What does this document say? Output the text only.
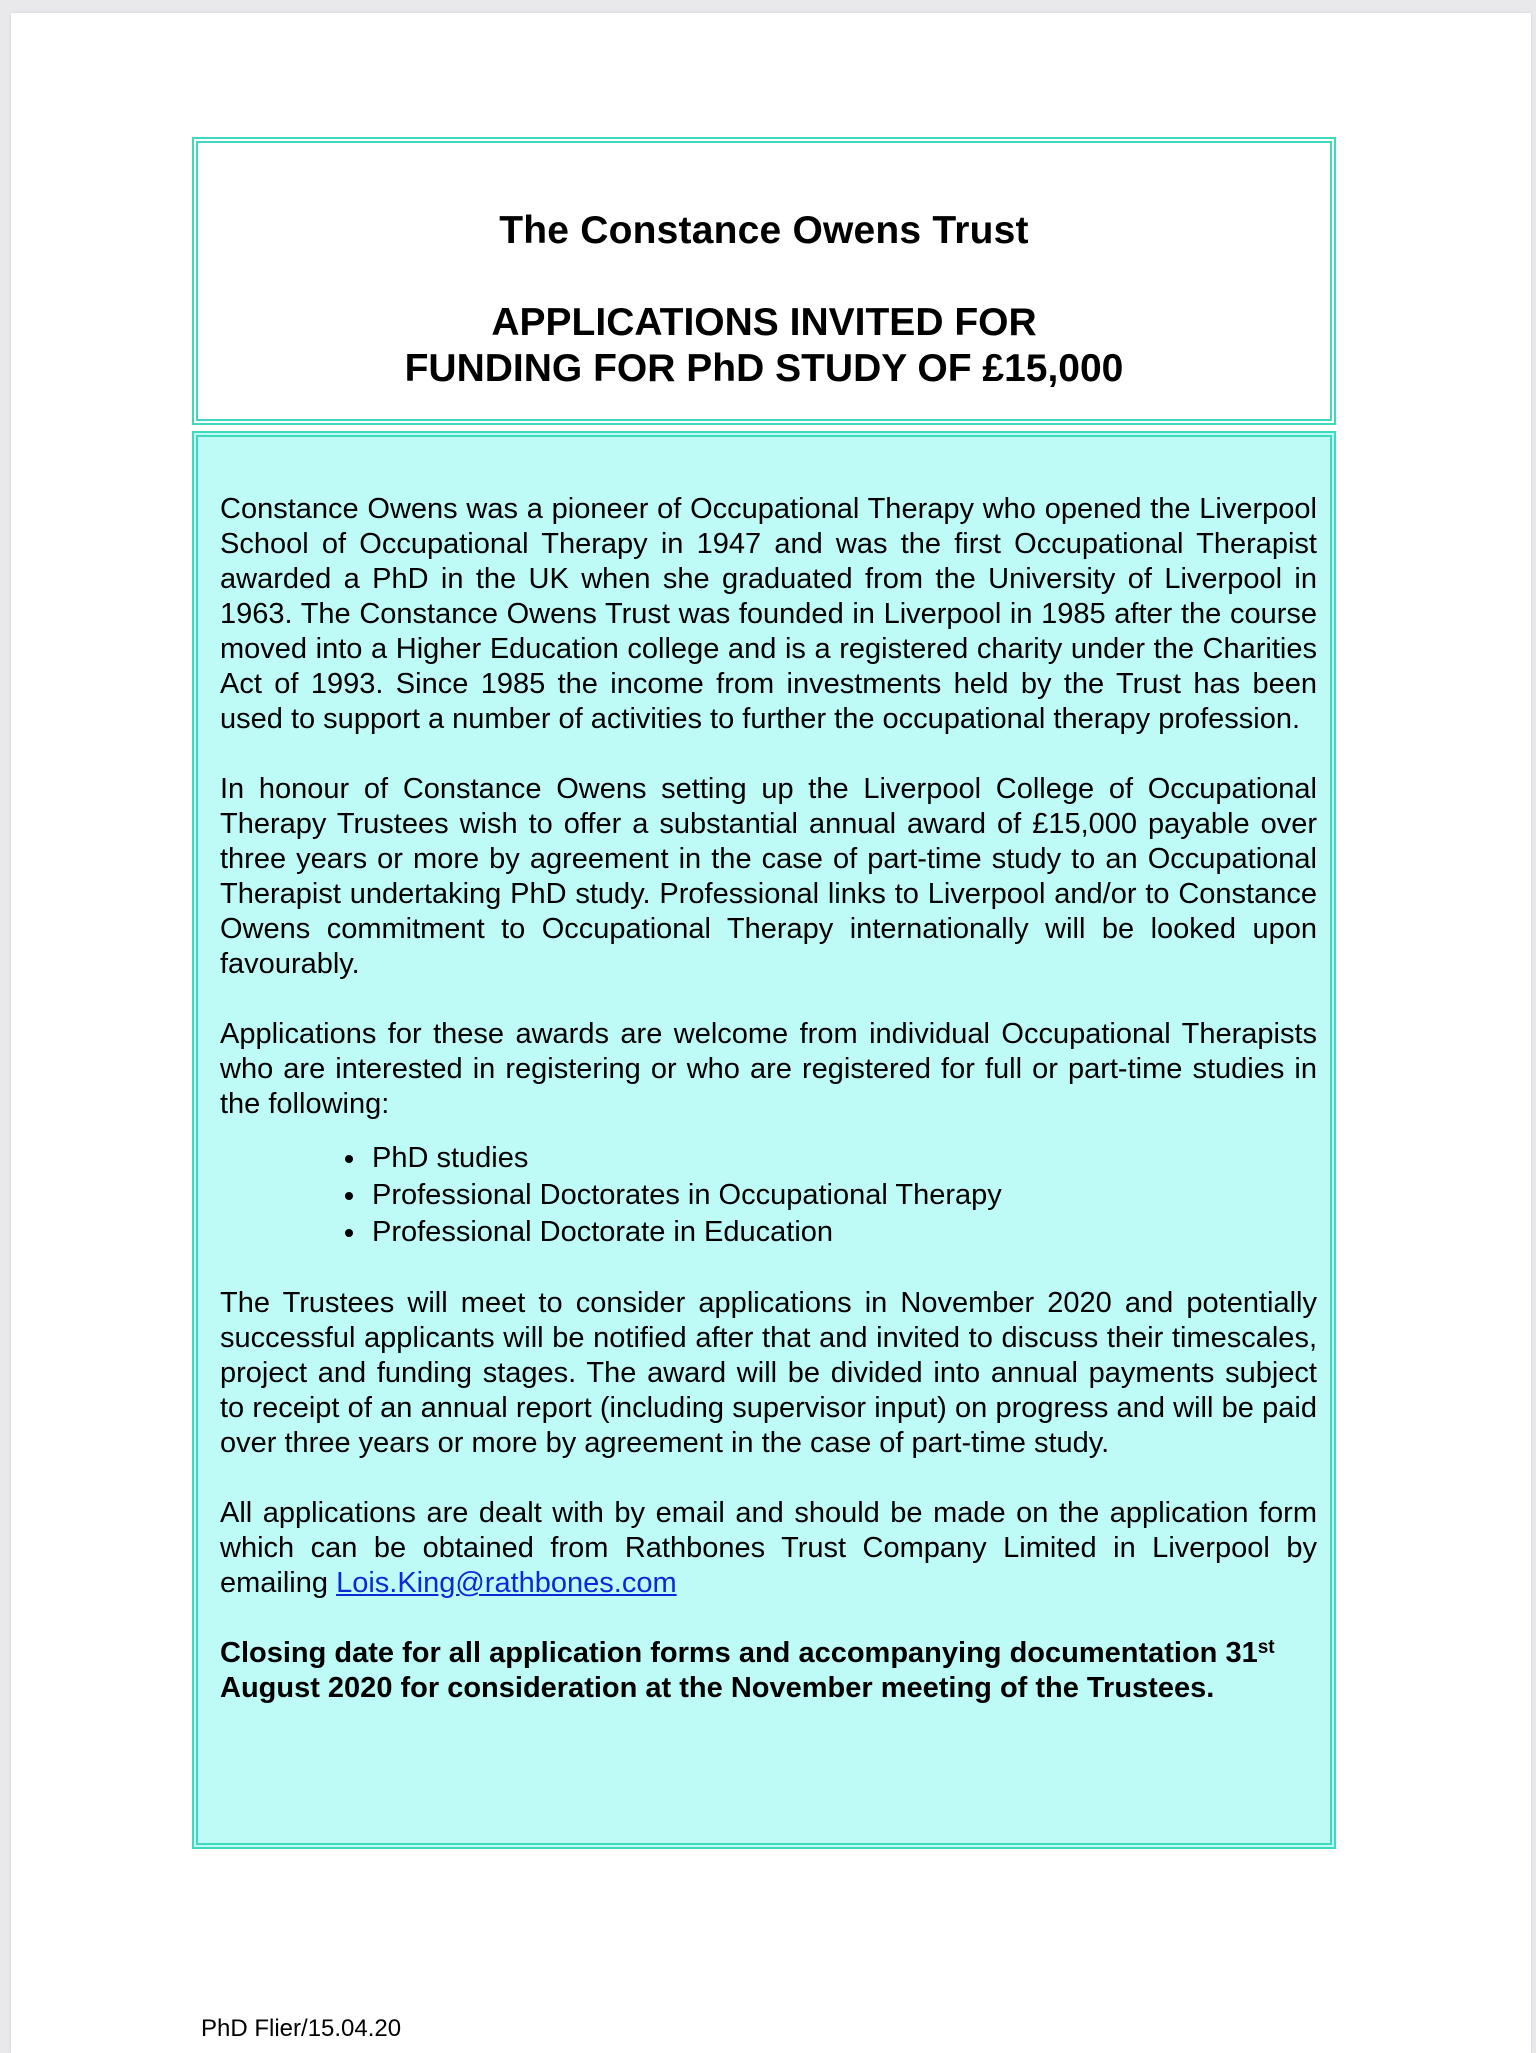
The Constance Owens Trust
APPLICATIONS INVITED FOR
FUNDING FOR PhD STUDY OF £15,000

Constance Owens was a pioneer of Occupational Therapy who opened the Liverpool School of Occupational Therapy in 1947 and was the first Occupational Therapist awarded a PhD in the UK when she graduated from the University of Liverpool in 1963. The Constance Owens Trust was founded in Liverpool in 1985 after the course moved into a Higher Education college and is a registered charity under the Charities Act of 1993. Since 1985 the income from investments held by the Trust has been used to support a number of activities to further the occupational therapy profession.

In honour of Constance Owens setting up the Liverpool College of Occupational Therapy Trustees wish to offer a substantial annual award of £15,000 payable over three years or more by agreement in the case of part-time study to an Occupational Therapist undertaking PhD study. Professional links to Liverpool and/or to Constance Owens commitment to Occupational Therapy internationally will be looked upon favourably.

Applications for these awards are welcome from individual Occupational Therapists who are interested in registering or who are registered for full or part-time studies in the following:

• PhD studies
• Professional Doctorates in Occupational Therapy
• Professional Doctorate in Education

The Trustees will meet to consider applications in November 2020 and potentially successful applicants will be notified after that and invited to discuss their timescales, project and funding stages. The award will be divided into annual payments subject to receipt of an annual report (including supervisor input) on progress and will be paid over three years or more by agreement in the case of part-time study.

All applications are dealt with by email and should be made on the application form which can be obtained from Rathbones Trust Company Limited in Liverpool by emailing Lois.King@rathbones.com

Closing date for all application forms and accompanying documentation 31st August 2020 for consideration at the November meeting of the Trustees.

PhD Flier/15.04.20
